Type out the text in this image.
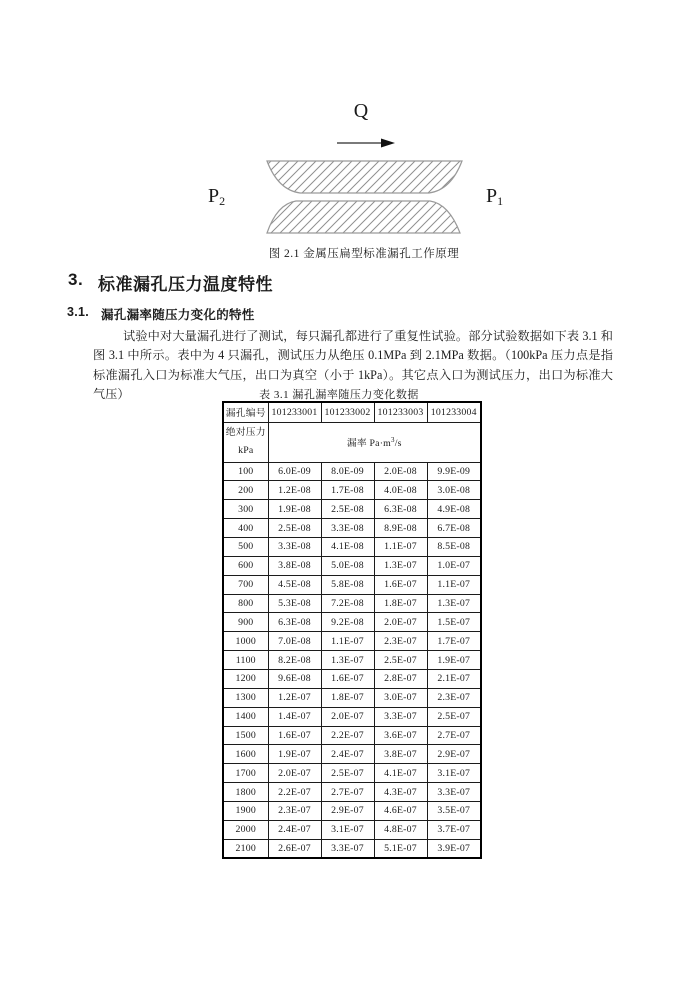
Q
$P_2$	$P_1$
图 2.1 金属压扁型标准漏孔工作原理
3. 标准漏孔压力温度特性
3.1. 漏孔漏率随压力变化的特性

试验中对大量漏孔进行了测试，每只漏孔都进行了重复性试验。部分试验数据如下表 3.1 和图 3.1 中所示。表中为 4 只漏孔，测试压力从绝压 0.1MPa 到 2.1MPa 数据。（100kPa 压力点是指标准漏孔入口为标准大气压，出口为真空（小于 1kPa）。其它点入口为测试压力，出口为标准大气压）	表 3.1 漏孔漏率随压力变化数据
漏孔编号	101233001	101233002	101233003	101233004

绝对压力
kPa	漏率 $Pa\cdot m^3/s$			
100	6.0E-09	8.0E-09	2.0E-08	9.9E-09
200	1.2E-08	1.7E-08	4.0E-08	3.0E-08
300	1.9E-08	2.5E-08	6.3E-08	4.9E-08
400	2.5E-08	3.3E-08	8.9E-08	6.7E-08
500	3.3E-08	4.1E-08	1.1E-07	8.5E-08
600	3.8E-08	5.0E-08	1.3E-07	1.0E-07
700	4.5E-08	5.8E-08	1.6E-07	1.1E-07
800	5.3E-08	7.2E-08	1.8E-07	1.3E-07
900	6.3E-08	9.2E-08	2.0E-07	1.5E-07
1000	7.0E-08	1.1E-07	2.3E-07	1.7E-07
1100	8.2E-08	1.3E-07	2.5E-07	1.9E-07
1200	9.6E-08	1.6E-07	2.8E-07	2.1E-07
1300	1.2E-07	1.8E-07	3.0E-07	2.3E-07
1400	1.4E-07	2.0E-07	3.3E-07	2.5E-07
1500	1.6E-07	2.2E-07	3.6E-07	2.7E-07
1600	1.9E-07	2.4E-07	3.8E-07	2.9E-07
1700	2.0E-07	2.5E-07	4.1E-07	3.1E-07
1800	2.2E-07	2.7E-07	4.3E-07	3.3E-07
1900	2.3E-07	2.9E-07	4.6E-07	3.5E-07
2000	2.4E-07	3.1E-07	4.8E-07	3.7E-07
2100	2.6E-07	3.3E-07	5.1E-07	3.9E-07
